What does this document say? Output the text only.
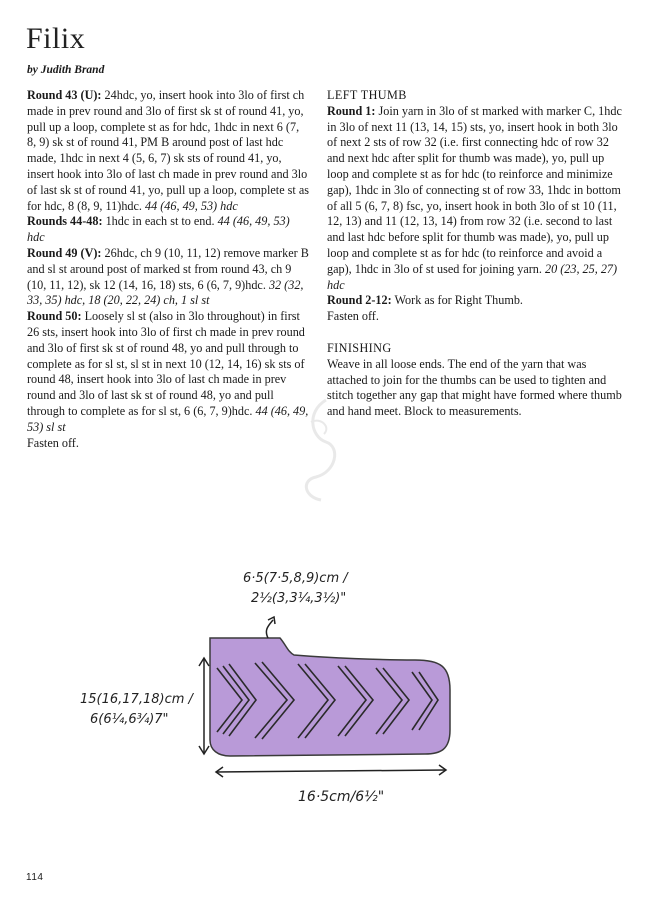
Filix
by Judith Brand

Round 43 (U): 24hdc, yo, insert hook into 3lo of first ch made in prev round and 3lo of first sk st of round 41, yo, pull up a loop, complete st as for hdc, 1hdc in next 6 (7, 8, 9) sk st of round 41, PM B around post of last hdc made, 1hdc in next 4 (5, 6, 7) sk sts of round 41, yo, insert hook into 3lo of last ch made in prev round and 3lo of last sk st of round 41, yo, pull up a loop, complete st as for hdc, 8 (8, 9, 11)hdc. 44 (46, 49, 53) hdc

Rounds 44-48: 1hdc in each st to end. 44 (46, 49, 53) hdc

Round 49 (V): 26hdc, ch 9 (10, 11, 12) remove marker B and sl st around post of marked st from round 43, ch 9 (10, 11, 12), sk 12 (14, 16, 18) sts, 6 (6, 7, 9)hdc. 32 (32, 33, 35) hdc, 18 (20, 22, 24) ch, 1 sl st

Round 50: Loosely sl st (also in 3lo throughout) in first 26 sts, insert hook into 3lo of first ch made in prev round and 3lo of first sk st of round 48, yo and pull through to complete as for sl st, sl st in next 10 (12, 14, 16) sk sts of round 48, insert hook into 3lo of last ch made in prev round and 3lo of last sk st of round 48, yo and pull through to complete as for sl st, 6 (6, 7, 9)hdc. 44 (46, 49, 53) sl st

Fasten off.

LEFT THUMB

Round 1: Join yarn in 3lo of st marked with marker C, 1hdc in 3lo of next 11 (13, 14, 15) sts, yo, insert hook in both 3lo of next 2 sts of row 32 (i.e. first connecting hdc of row 32 and next hdc after split for thumb was made), yo, pull up loop and complete st as for hdc (to reinforce and minimize gap), 1hdc in 3lo of connecting st of row 33, 1hdc in bottom of all 5 (6, 7, 8) fsc, yo, insert hook in both 3lo of st 10 (11, 12, 13) and 11 (12, 13, 14) from row 32 (i.e. second to last and last hdc before split for thumb was made), yo, pull up loop and complete st as for hdc (to reinforce and avoid a gap), 1hdc in 3lo of st used for joining yarn. 20 (23, 25, 27) hdc

Round 2-12: Work as for Right Thumb.

Fasten off.

FINISHING

Weave in all loose ends. The end of the yarn that was attached to join for the thumbs can be used to tighten and stitch together any gap that might have formed where thumb and hand meet. Block to measurements.

6·5(7·5,8,9)cm /
2½(3,3¼,3½)"
15(16,17,18)cm /
6(6¼,6¾)7"
16·5cm/6½"
114
